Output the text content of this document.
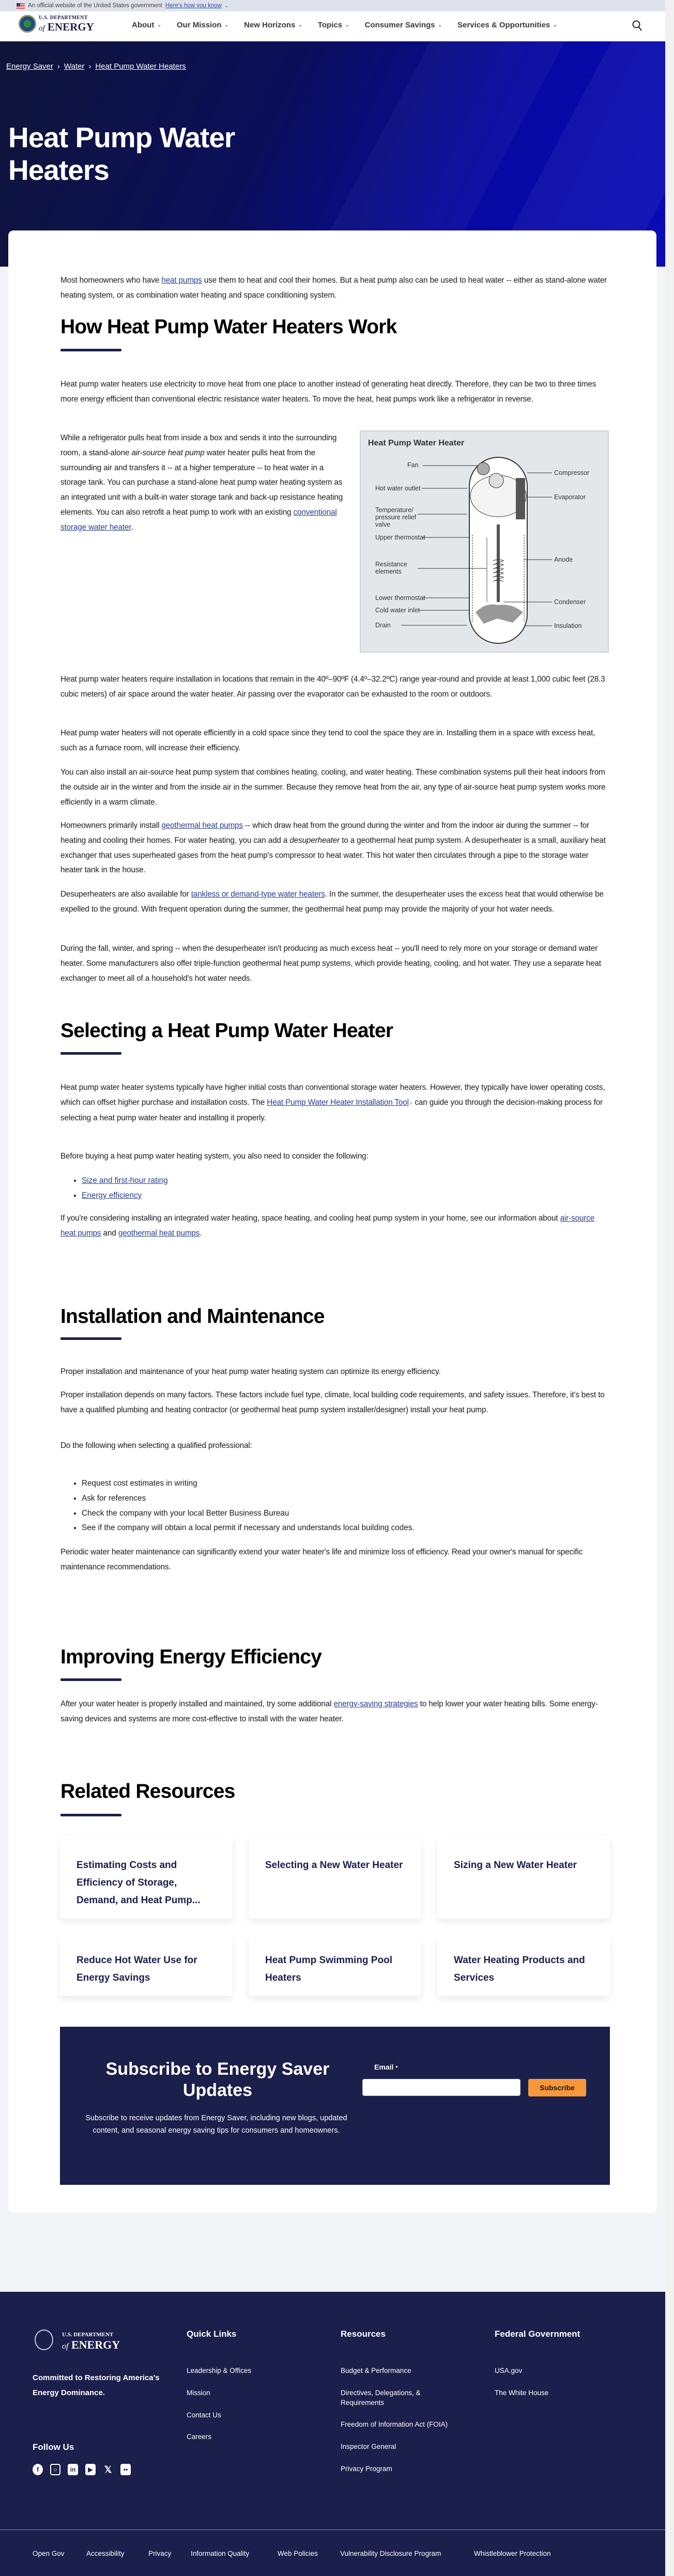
An official website of the United States government Here's how you know ⌄
U.S. DEPARTMENT
of ENERGY	About ⌄ Our Mission ⌄ New Horizons ⌄ Topics ⌄ Consumer Savings ⌄ Services & Opportunities ⌄
Energy Saver › Water › Heat Pump Water Heaters
Heat Pump Water Heaters

Most homeowners who have heat pumps use them to heat and cool their homes. But a heat pump also can be used to heat water -- either as stand-alone water heating system, or as combination water heating and space conditioning system.

How Heat Pump Water Heaters Work

Heat pump water heaters use electricity to move heat from one place to another instead of generating heat directly. Therefore, they can be two to three times more energy efficient than conventional electric resistance water heaters. To move the heat, heat pumps work like a refrigerator in reverse.

While a refrigerator pulls heat from inside a box and sends it into the surrounding room, a stand-alone air-source heat pump water heater pulls heat from the surrounding air and transfers it -- at a higher temperature -- to heat water in a storage tank. You can purchase a stand-alone heat pump water heating system as an integrated unit with a built-in water storage tank and back-up resistance heating elements. You can also retrofit a heat pump to work with an existing conventional storage water heater.

Heat Pump Water Heater
Fan
Hot water outlet
Temperature/ pressure relief valve
Upper thermostat
Resistance elements
Lower thermostat
Cold water inlet
Drain
Compressor
Evaporator
Anode
Condenser
Insulation

Heat pump water heaters require installation in locations that remain in the 40º–90ºF (4.4º–32.2ºC) range year-round and provide at least 1,000 cubic feet (28.3 cubic meters) of air space around the water heater. Air passing over the evaporator can be exhausted to the room or outdoors.

Heat pump water heaters will not operate efficiently in a cold space since they tend to cool the space they are in. Installing them in a space with excess heat, such as a furnace room, will increase their efficiency.

You can also install an air-source heat pump system that combines heating, cooling, and water heating. These combination systems pull their heat indoors from the outside air in the winter and from the inside air in the summer. Because they remove heat from the air, any type of air-source heat pump system works more efficiently in a warm climate.

Homeowners primarily install geothermal heat pumps -- which draw heat from the ground during the winter and from the indoor air during the summer -- for heating and cooling their homes. For water heating, you can add a desuperheater to a geothermal heat pump system. A desuperheater is a small, auxiliary heat exchanger that uses superheated gases from the heat pump's compressor to heat water. This hot water then circulates through a pipe to the storage water heater tank in the house.

Desuperheaters are also available for tankless or demand-type water heaters. In the summer, the desuperheater uses the excess heat that would otherwise be expelled to the ground. With frequent operation during the summer, the geothermal heat pump may provide the majority of your hot water needs.

During the fall, winter, and spring -- when the desuperheater isn't producing as much excess heat -- you'll need to rely more on your storage or demand water heater. Some manufacturers also offer triple-function geothermal heat pump systems, which provide heating, cooling, and hot water. They use a separate heat exchanger to meet all of a household's hot water needs.

Selecting a Heat Pump Water Heater

Heat pump water heater systems typically have higher initial costs than conventional storage water heaters. However, they typically have lower operating costs, which can offset higher purchase and installation costs. The Heat Pump Water Heater Installation Tool↗ can guide you through the decision-making process for selecting a heat pump water heater and installing it properly.

Before buying a heat pump water heating system, you also need to consider the following:

• Size and first-hour rating
• Energy efficiency

If you're considering installing an integrated water heating, space heating, and cooling heat pump system in your home, see our information about air-source heat pumps and geothermal heat pumps.

Installation and Maintenance

Proper installation and maintenance of your heat pump water heating system can optimize its energy efficiency.

Proper installation depends on many factors. These factors include fuel type, climate, local building code requirements, and safety issues. Therefore, it's best to have a qualified plumbing and heating contractor (or geothermal heat pump system installer/designer) install your heat pump.

Do the following when selecting a qualified professional:

• Request cost estimates in writing
• Ask for references
• Check the company with your local Better Business Bureau
• See if the company will obtain a local permit if necessary and understands local building codes.

Periodic water heater maintenance can significantly extend your water heater's life and minimize loss of efficiency. Read your owner's manual for specific maintenance recommendations.

Improving Energy Efficiency

After your water heater is properly installed and maintained, try some additional energy-saving strategies to help lower your water heating bills. Some energy-saving devices and systems are more cost-effective to install with the water heater.

Related Resources
Estimating Costs and Efficiency of Storage, Demand, and Heat Pump...
Selecting a New Water Heater	Sizing a New Water Heater
Reduce Hot Water Use for Energy Savings
Heat Pump Swimming Pool Heaters
Water Heating Products and Services
Subscribe to Energy Saver Updates
Subscribe to receive updates from Energy Saver, including new blogs, updated content, and seasonal energy saving tips for consumers and homeowners.
Email *
Subscribe
U.S. DEPARTMENT
of ENERGY
Committed to Restoring America's Energy Dominance.
Follow Us
f	○	in	▶ 𝕏	••
Quick Links
Leadership & Offices
Mission
Contact Us
Careers
Resources
Budget & Performance
Directives, Delegations, & Requirements
Freedom of Information Act (FOIA)
Inspector General
Privacy Program
Federal Government
USA.gov
The White House
Open Gov	Accessibility	Privacy	Information Quality	Web Policies	Vulnerability Disclosure Program	Whistleblower Protection
